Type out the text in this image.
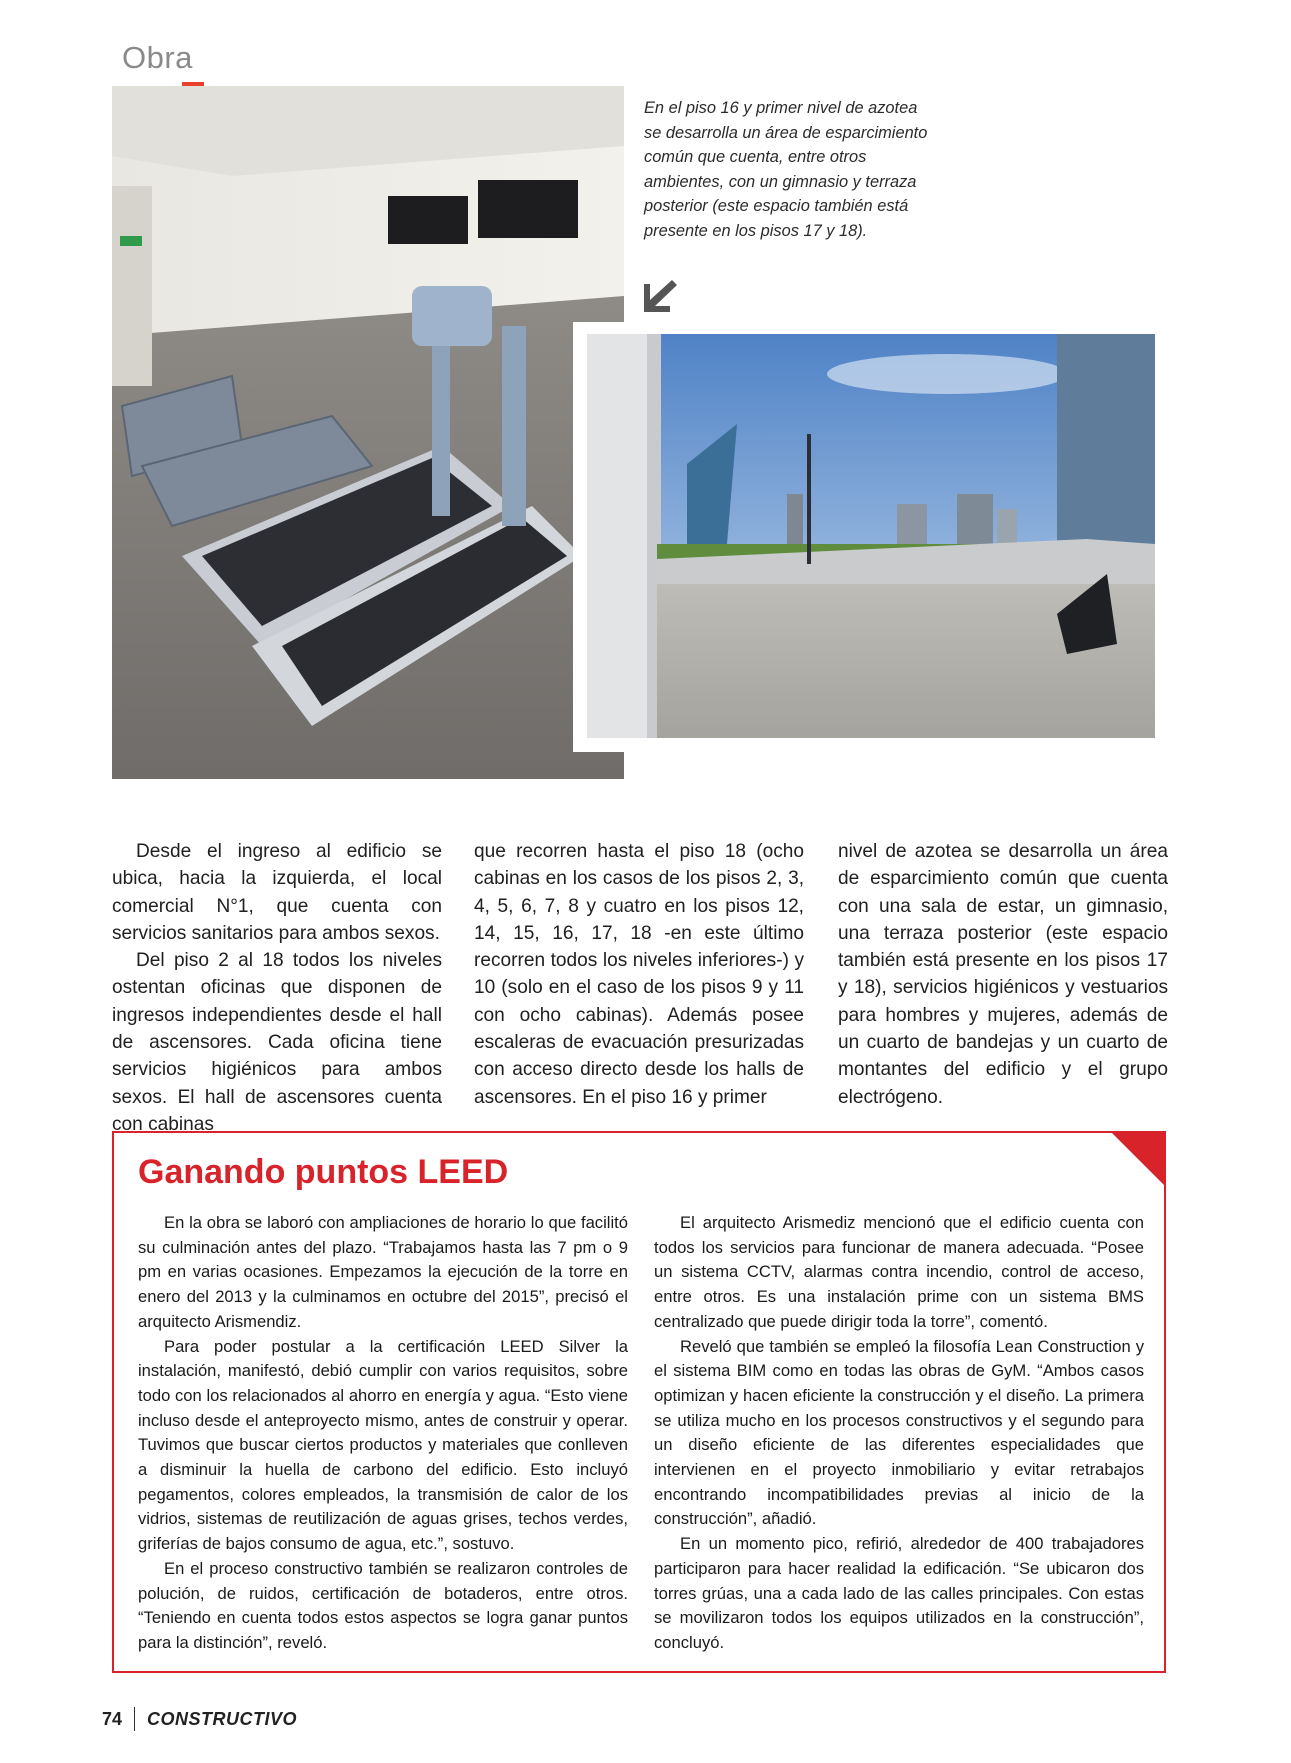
Obra
En el piso 16 y primer nivel de azotea se desarrolla un área de esparcimiento común que cuenta, entre otros ambientes, con un gimnasio y terraza posterior (este espacio también está presente en los pisos 17 y 18).

Desde el ingreso al edificio se ubica, hacia la izquierda, el local comercial N°1, que cuenta con servicios sanitarios para ambos sexos.

Del piso 2 al 18 todos los niveles ostentan oficinas que disponen de ingresos independientes desde el hall de ascensores. Cada oficina tiene servicios higiénicos para ambos sexos. El hall de ascensores cuenta con cabinas

que recorren hasta el piso 18 (ocho cabinas en los casos de los pisos 2, 3, 4, 5, 6, 7, 8 y cuatro en los pisos 12, 14, 15, 16, 17, 18 -en este último recorren todos los niveles inferiores-) y 10 (solo en el caso de los pisos 9 y 11 con ocho cabinas). Además posee escaleras de evacuación presurizadas con acceso directo desde los halls de ascensores. En el piso 16 y primer

nivel de azotea se desarrolla un área de esparcimiento común que cuenta con una sala de estar, un gimnasio, una terraza posterior (este espacio también está presente en los pisos 17 y 18), servicios higiénicos y vestuarios para hombres y mujeres, además de un cuarto de bandejas y un cuarto de montantes del edificio y el grupo electrógeno.

Ganando puntos LEED

En la obra se laboró con ampliaciones de horario lo que facilitó su culminación antes del plazo. “Trabajamos hasta las 7 pm o 9 pm en varias ocasiones. Empezamos la ejecución de la torre en enero del 2013 y la culminamos en octubre del 2015”, precisó el arquitecto Arismendiz.

Para poder postular a la certificación LEED Silver la instalación, manifestó, debió cumplir con varios requisitos, sobre todo con los relacionados al ahorro en energía y agua. “Esto viene incluso desde el anteproyecto mismo, antes de construir y operar. Tuvimos que buscar ciertos productos y materiales que conlleven a disminuir la huella de carbono del edificio. Esto incluyó pegamentos, colores empleados, la transmisión de calor de los vidrios, sistemas de reutilización de aguas grises, techos verdes, griferías de bajos consumo de agua, etc.”, sostuvo.

En el proceso constructivo también se realizaron controles de polución, de ruidos, certificación de botaderos, entre otros. “Teniendo en cuenta todos estos aspectos se logra ganar puntos para la distinción”, reveló.

El arquitecto Arismediz mencionó que el edificio cuenta con todos los servicios para funcionar de manera adecuada. “Posee un sistema CCTV, alarmas contra incendio, control de acceso, entre otros. Es una instalación prime con un sistema BMS centralizado que puede dirigir toda la torre”, comentó.

Reveló que también se empleó la filosofía Lean Construction y el sistema BIM como en todas las obras de GyM. “Ambos casos optimizan y hacen eficiente la construcción y el diseño. La primera se utiliza mucho en los procesos constructivos y el segundo para un diseño eficiente de las diferentes especialidades que intervienen en el proyecto inmobiliario y evitar retrabajos encontrando incompatibilidades previas al inicio de la construcción”, añadió.

En un momento pico, refirió, alrededor de 400 trabajadores participaron para hacer realidad la edificación. “Se ubicaron dos torres grúas, una a cada lado de las calles principales. Con estas se movilizaron todos los equipos utilizados en la construcción”, concluyó.

74 CONSTRUCTIVO
